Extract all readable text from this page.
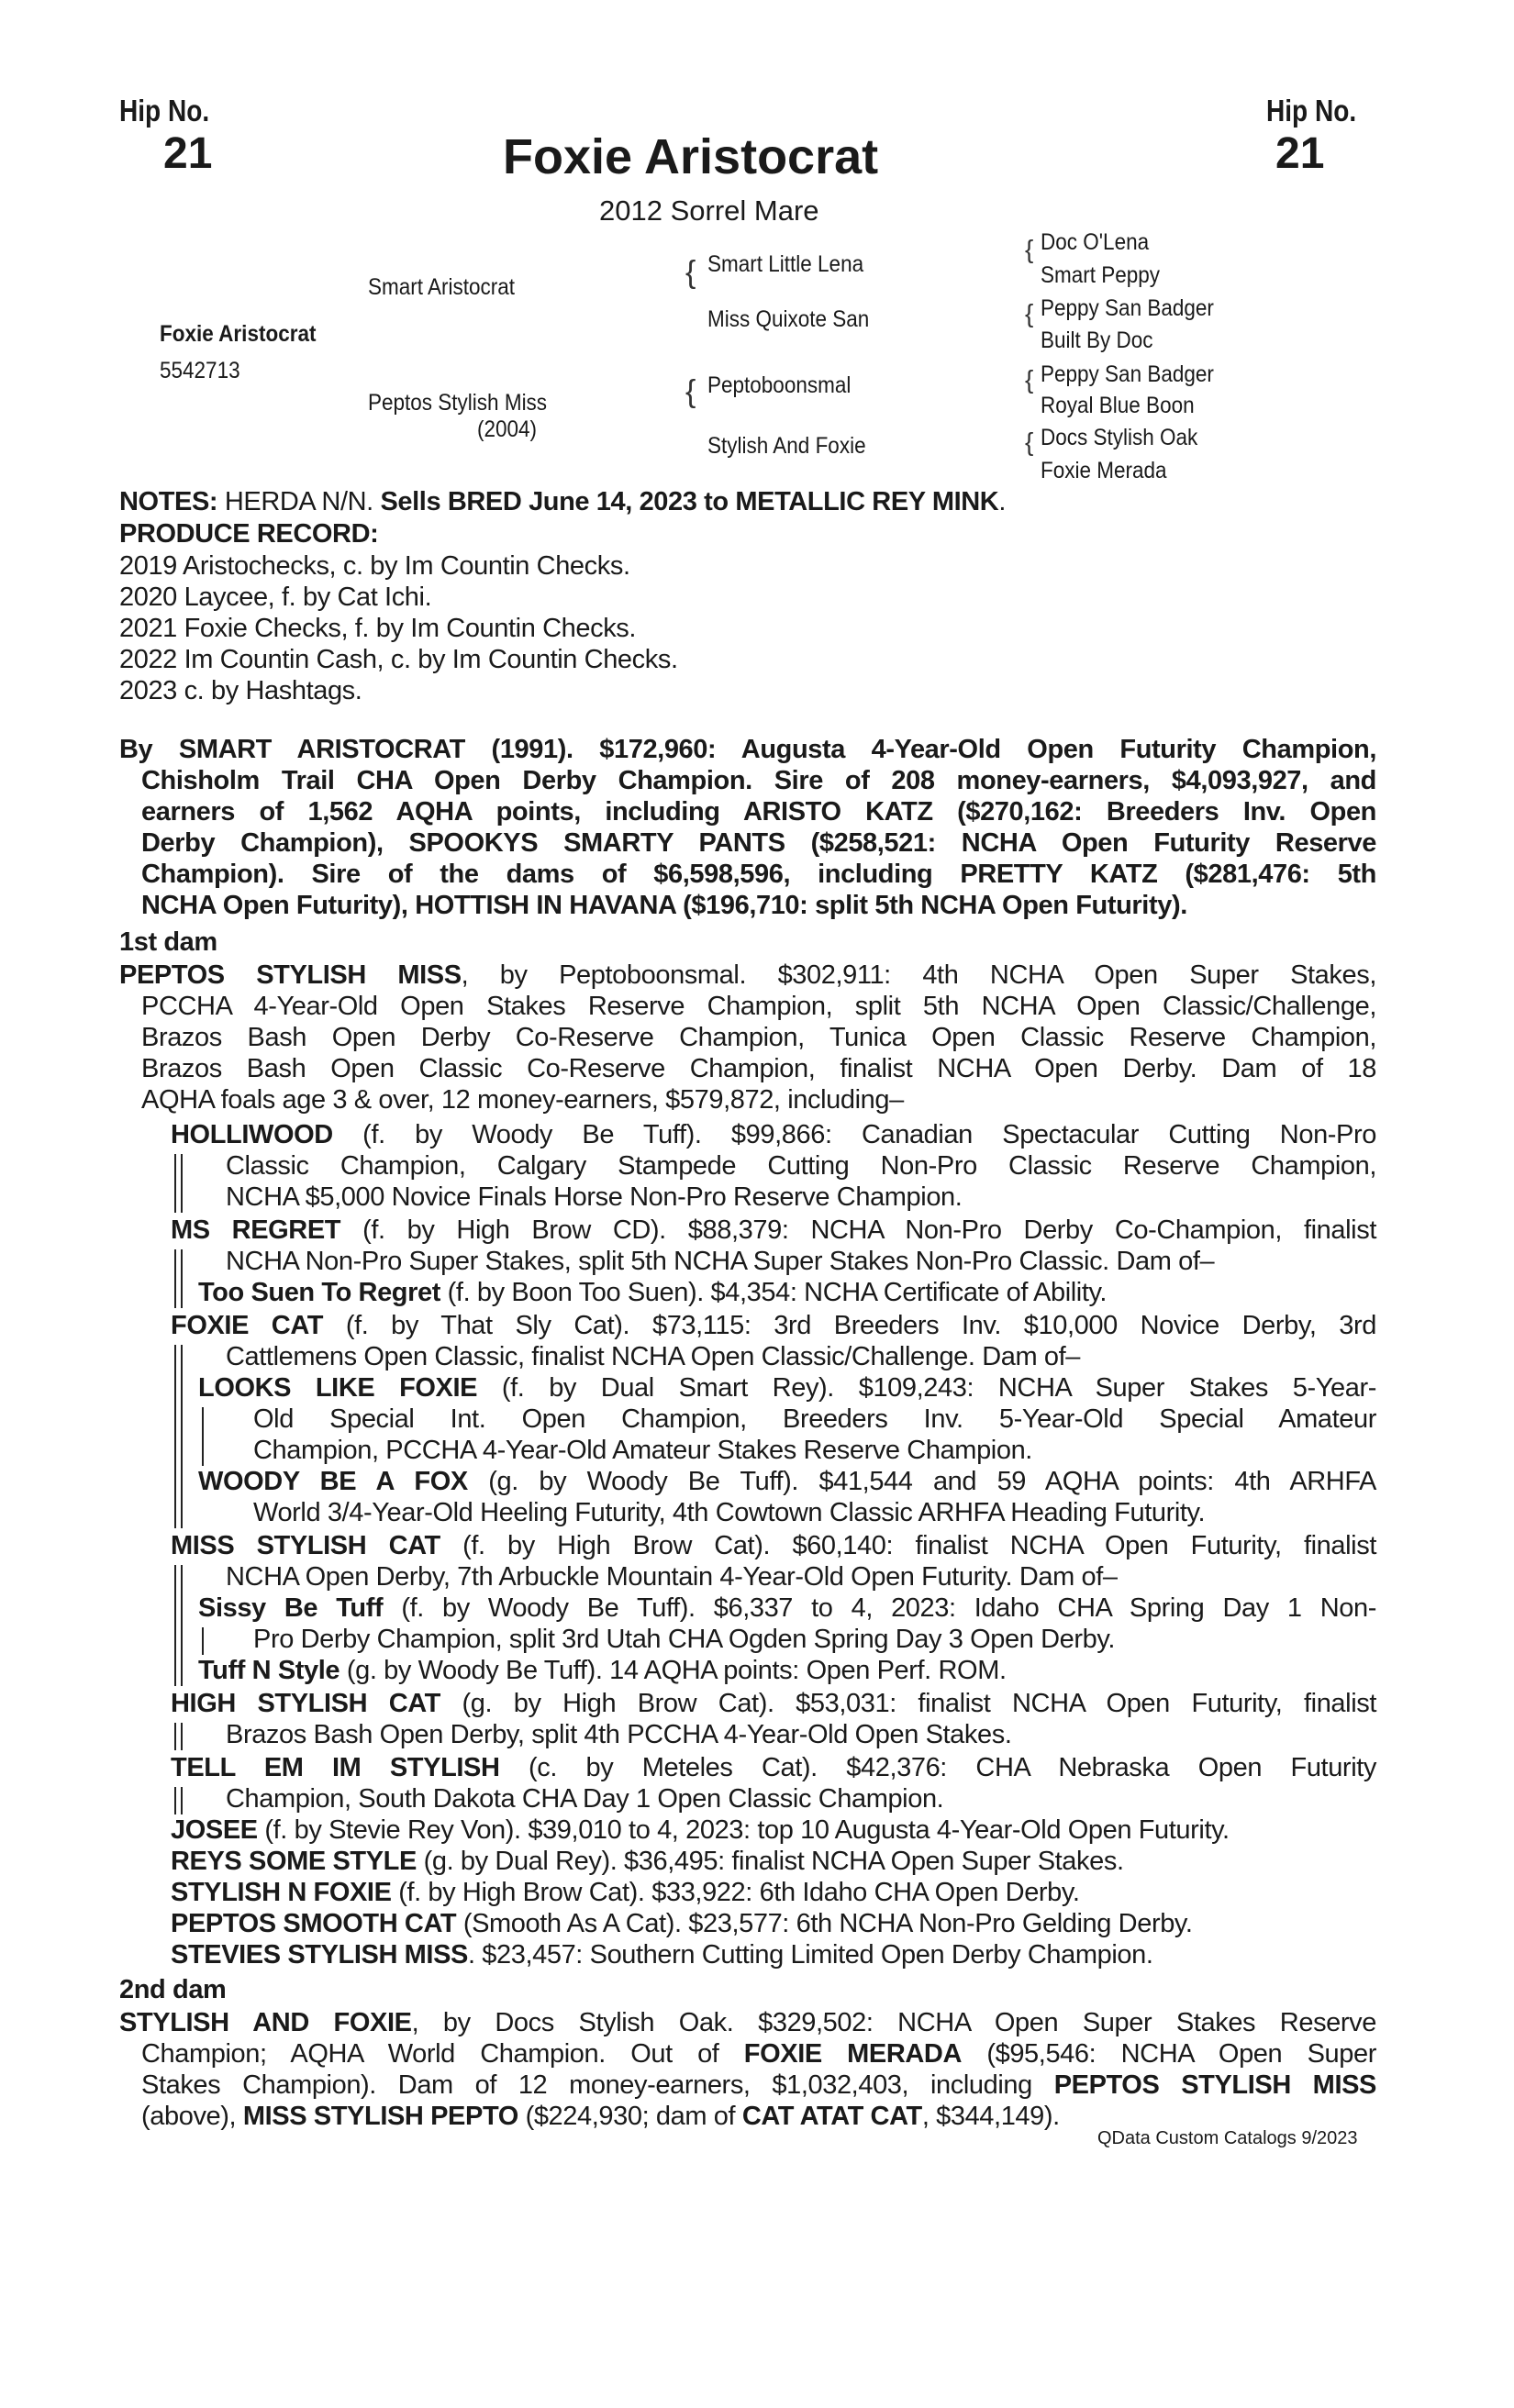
Hip No.
21
Hip No.
21
Foxie Aristocrat
2012 Sorrel Mare
Foxie Aristocrat
5542713
Smart Aristocrat
Peptos Stylish Miss
(2004)
{
{
Smart Little Lena
Miss Quixote San
Peptoboonsmal
Stylish And Foxie
{
{
{
{
Doc O'Lena
Smart Peppy
Peppy San Badger
Built By Doc
Peppy San Badger
Royal Blue Boon
Docs Stylish Oak
Foxie Merada
NOTES: HERDA N/N. Sells BRED June 14, 2023 to METALLIC REY MINK.
PRODUCE RECORD:
2019 Aristochecks, c. by Im Countin Checks.
2020 Laycee, f. by Cat Ichi.
2021 Foxie Checks, f. by Im Countin Checks.
2022 Im Countin Cash, c. by Im Countin Checks.
2023 c. by Hashtags.
By SMART ARISTOCRAT (1991). $172,960: Augusta 4-Year-Old Open Futurity Champion,
Chisholm Trail CHA Open Derby Champion. Sire of 208 money-earners, $4,093,927, and
earners of 1,562 AQHA points, including ARISTO KATZ ($270,162: Breeders Inv. Open
Derby Champion), SPOOKYS SMARTY PANTS ($258,521: NCHA Open Futurity Reserve
Champion). Sire of the dams of $6,598,596, including PRETTY KATZ ($281,476: 5th
NCHA Open Futurity), HOTTISH IN HAVANA ($196,710: split 5th NCHA Open Futurity).
1st dam
PEPTOS STYLISH MISS, by Peptoboonsmal. $302,911: 4th NCHA Open Super Stakes,
PCCHA 4-Year-Old Open Stakes Reserve Champion, split 5th NCHA Open Classic/Challenge,
Brazos Bash Open Derby Co-Reserve Champion, Tunica Open Classic Reserve Champion,
Brazos Bash Open Classic Co-Reserve Champion, finalist NCHA Open Derby. Dam of 18
AQHA foals age 3 & over, 12 money-earners, $579,872, including–
HOLLIWOOD (f. by Woody Be Tuff). $99,866: Canadian Spectacular Cutting Non-Pro
Classic Champion, Calgary Stampede Cutting Non-Pro Classic Reserve Champion,
NCHA $5,000 Novice Finals Horse Non-Pro Reserve Champion.
MS REGRET (f. by High Brow CD). $88,379: NCHA Non-Pro Derby Co-Champion, finalist
NCHA Non-Pro Super Stakes, split 5th NCHA Super Stakes Non-Pro Classic. Dam of–
Too Suen To Regret (f. by Boon Too Suen). $4,354: NCHA Certificate of Ability.
FOXIE CAT (f. by That Sly Cat). $73,115: 3rd Breeders Inv. $10,000 Novice Derby, 3rd
Cattlemens Open Classic, finalist NCHA Open Classic/Challenge. Dam of–
LOOKS LIKE FOXIE (f. by Dual Smart Rey). $109,243: NCHA Super Stakes 5-Year-
Old Special Int. Open Champion, Breeders Inv. 5-Year-Old Special Amateur
Champion, PCCHA 4-Year-Old Amateur Stakes Reserve Champion.
WOODY BE A FOX (g. by Woody Be Tuff). $41,544 and 59 AQHA points: 4th ARHFA
World 3/4-Year-Old Heeling Futurity, 4th Cowtown Classic ARHFA Heading Futurity.
MISS STYLISH CAT (f. by High Brow Cat). $60,140: finalist NCHA Open Futurity, finalist
NCHA Open Derby, 7th Arbuckle Mountain 4-Year-Old Open Futurity. Dam of–
Sissy Be Tuff (f. by Woody Be Tuff). $6,337 to 4, 2023: Idaho CHA Spring Day 1 Non-
Pro Derby Champion, split 3rd Utah CHA Ogden Spring Day 3 Open Derby.
Tuff N Style (g. by Woody Be Tuff). 14 AQHA points: Open Perf. ROM.
HIGH STYLISH CAT (g. by High Brow Cat). $53,031: finalist NCHA Open Futurity, finalist
Brazos Bash Open Derby, split 4th PCCHA 4-Year-Old Open Stakes.
TELL EM IM STYLISH (c. by Meteles Cat). $42,376: CHA Nebraska Open Futurity
Champion, South Dakota CHA Day 1 Open Classic Champion.
JOSEE (f. by Stevie Rey Von). $39,010 to 4, 2023: top 10 Augusta 4-Year-Old Open Futurity.
REYS SOME STYLE (g. by Dual Rey). $36,495: finalist NCHA Open Super Stakes.
STYLISH N FOXIE (f. by High Brow Cat). $33,922: 6th Idaho CHA Open Derby.
PEPTOS SMOOTH CAT (Smooth As A Cat). $23,577: 6th NCHA Non-Pro Gelding Derby.
STEVIES STYLISH MISS. $23,457: Southern Cutting Limited Open Derby Champion.
2nd dam
STYLISH AND FOXIE, by Docs Stylish Oak. $329,502: NCHA Open Super Stakes Reserve
Champion; AQHA World Champion. Out of FOXIE MERADA ($95,546: NCHA Open Super
Stakes Champion). Dam of 12 money-earners, $1,032,403, including PEPTOS STYLISH MISS
(above), MISS STYLISH PEPTO ($224,930; dam of CAT ATAT CAT, $344,149).
QData Custom Catalogs 9/2023
